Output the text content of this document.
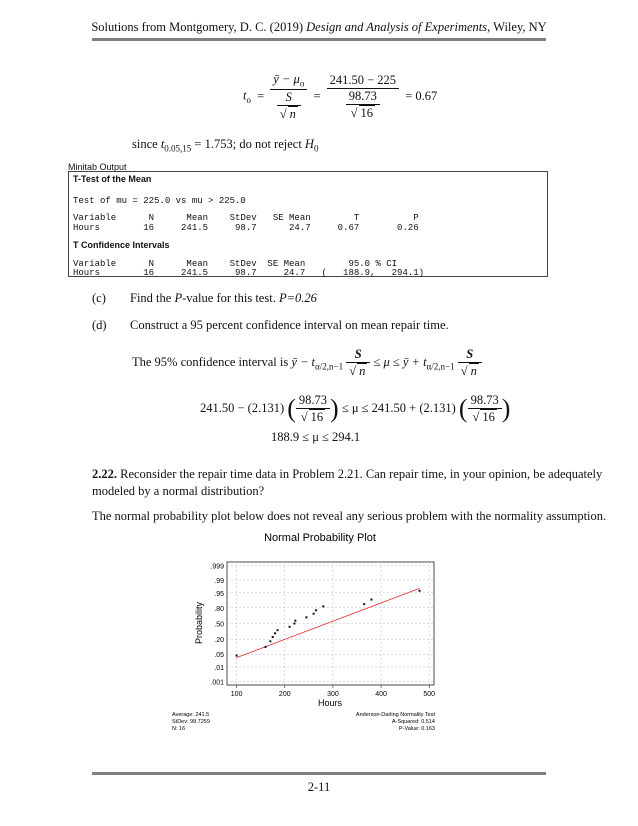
Solutions from Montgomery, D. C. (2019) Design and Analysis of Experiments, Wiley, NY
$t_o = \frac{ȳ - \mu_o}{\frac{S}{√ n}} = \frac{241.50 - 225}{\frac{98.73}{√ 16}} = 0.67$
since $t_{0.05,15} = 1.753$; do not reject $H_0$
Minitab Output
T-Test of the Mean
Test of mu = 225.0 vs mu > 225.0
Variable      N      Mean    StDev   SE Mean        T          P
Hours        16     241.5     98.7      24.7     0.67       0.26
T Confidence Intervals
Variable      N      Mean    StDev  SE Mean        95.0 % CI
Hours        16     241.5     98.7     24.7   (   188.9,   294.1)
(c) Find the P-value for this test. P=0.26
(d) Construct a 95 percent confidence interval on mean repair time.
The 95% confidence interval is ȳ − $t_{\alpha/2,n-1} \frac{S}{√ n} \le \mu$ ≤ ȳ + $t_{\alpha/2,n-1} \frac{S}{√ n}$
241.50 − (2.131) ( $\frac{98.73}{√ 16}$ ) ≤ μ ≤ 241.50 + (2.131) ( $\frac{98.73}{√ 16}$ )
188.9 ≤ μ ≤ 294.1
2.22. Reconsider the repair time data in Problem 2.21. Can repair time, in your opinion, be adequately
modeled by a normal distribution?
The normal probability plot below does not reveal any serious problem with the normality assumption.
Normal Probability Plot
.001
.01
.05
.20
.50
.80
.95
.99
.999
100	200	300	400	500
Hours
Probability
Average: 241.5
StDev: 98.7259
N: 16
Anderson-Darling Normality Test
A-Squared: 0.514
P-Value: 0.163
2-11
